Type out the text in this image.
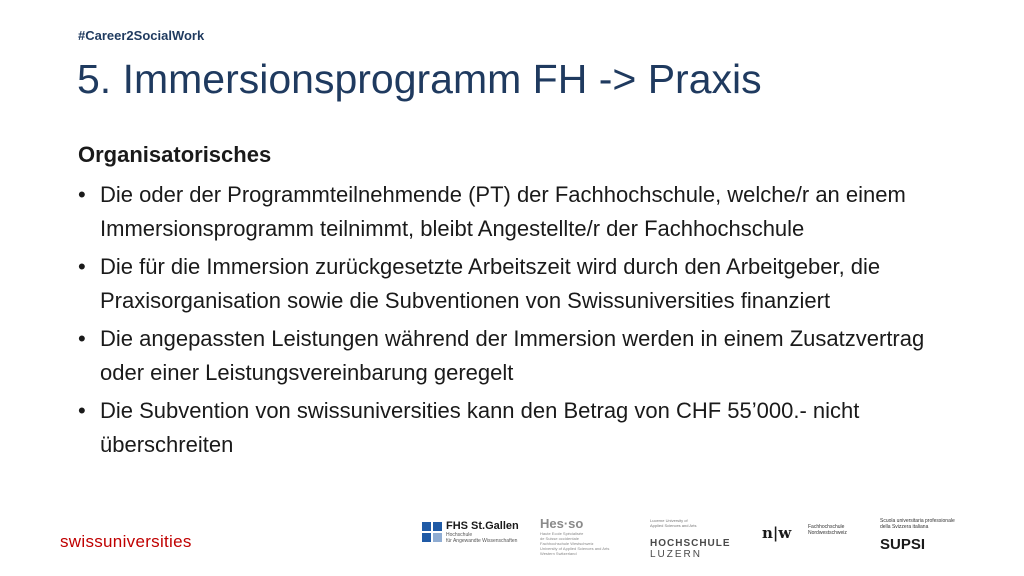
#Career2SocialWork
5. Immersionsprogramm FH -> Praxis
Organisatorisches
• Die oder der Programmteilnehmende (PT) der Fachhochschule, welche/r an einem Immersionsprogramm teilnimmt, bleibt Angestellte/r der Fachhochschule
• Die für die Immersion zurückgesetzte Arbeitszeit wird durch den Arbeitgeber, die Praxisorganisation sowie die Subventionen von Swissuniversities finanziert
• Die angepassten Leistungen während der Immersion werden in einem Zusatzvertrag oder einer Leistungsvereinbarung geregelt
• Die Subvention von swissuniversities kann den Betrag von CHF 55’000.- nicht überschreiten
swissuniversities
FHS St.Gallen
Hochschule
für Angewandte Wissenschaften
Hes·so
Haute Ecole Spécialisée
de Suisse occidentale
Fachhochschule Westschweiz
University of Applied Sciences and Arts
Western Switzerland
Lucerne University of
Applied Sciences and Arts
HOCHSCHULE
LUZERN
n|w	Fachhochschule
Nordwestschweiz
Scuola universitaria professionale
della Svizzera italiana
SUPSI
